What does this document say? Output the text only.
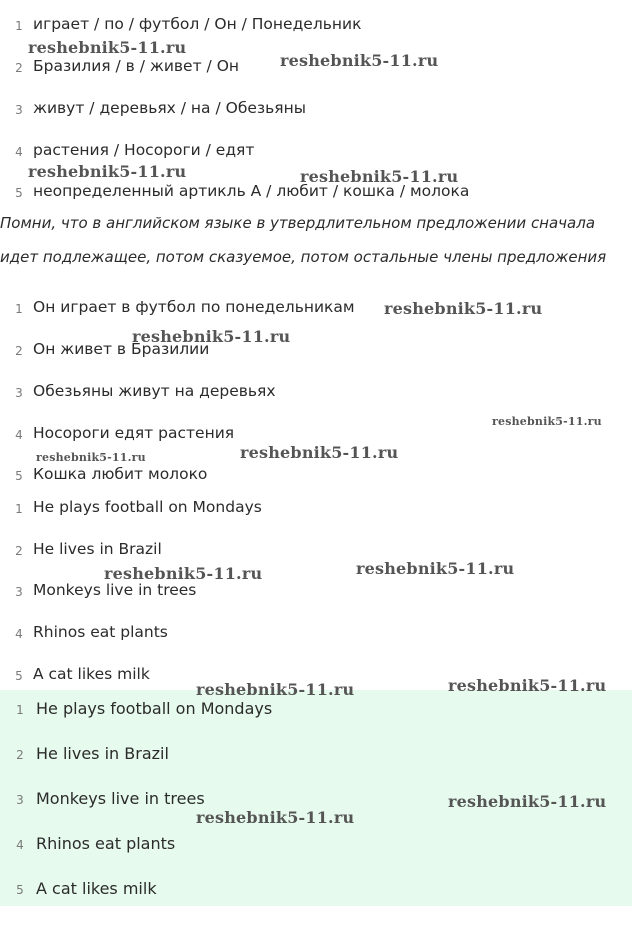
1 играет / по / футбол / Он / Понедельник
2 Бразилия / в / живет / Он
3 живут / деревьях / на / Обезьяны
4 растения / Носороги / едят
5 неопределенный артикль A / любит / кошка / молока
Помни, что в английском языке в утвердлительном предложении сначала
идет подлежащее, потом сказуемое, потом остальные члены предложения
1 Он играет в футбол по понедельникам
2 Он живет в Бразилии
3 Обезьяны живут на деревьях
4 Носороги едят растения
5 Кошка любит молоко
1 He plays football on Mondays
2 He lives in Brazil
3 Monkeys live in trees
4 Rhinos eat plants
5 A cat likes milk
1 He plays football on Mondays
2 He lives in Brazil
3 Monkeys live in trees
4 Rhinos eat plants
5 A cat likes milk
reshebnik5-11.ru
reshebnik5-11.ru
reshebnik5-11.ru	reshebnik5-11.ru
reshebnik5-11.ru
reshebnik5-11.ru
reshebnik5-11.ru
reshebnik5-11.ru
reshebnik5-11.ru
reshebnik5-11.ru
reshebnik5-11.ru
reshebnik5-11.ru
reshebnik5-11.ru
reshebnik5-11.ru
reshebnik5-11.ru
